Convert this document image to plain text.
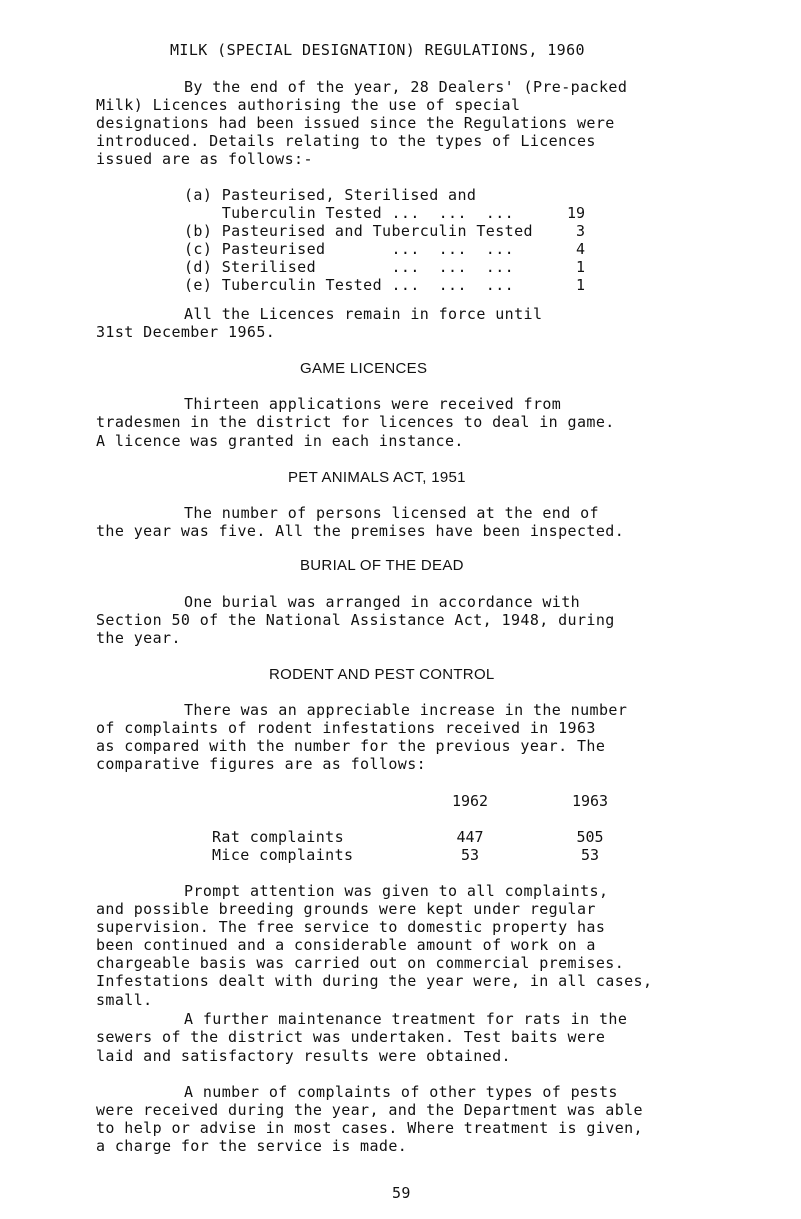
MILK (SPECIAL DESIGNATION) REGULATIONS, 1960
By the end of the year, 28 Dealers' (Pre-packed
Milk) Licences authorising the use of special
designations had been issued since the Regulations were
introduced. Details relating to the types of Licences
issued are as follows:-
(a) Pasteurised, Sterilised and
Tuberculin Tested ...  ...  ...	19
(b) Pasteurised and Tuberculin Tested	3
(c) Pasteurised       ...  ...  ...	4
(d) Sterilised        ...  ...  ...	1
(e) Tuberculin Tested ...  ...  ...	1
All the Licences remain in force until
31st December 1965.
GAME LICENCES
Thirteen applications were received from
tradesmen in the district for licences to deal in game.
A licence was granted in each instance.
PET ANIMALS ACT, 1951
The number of persons licensed at the end of
the year was five. All the premises have been inspected.
BURIAL OF THE DEAD
One burial was arranged in accordance with
Section 50 of the National Assistance Act, 1948, during
the year.
RODENT AND PEST CONTROL
There was an appreciable increase in the number
of complaints of rodent infestations received in 1963
as compared with the number for the previous year. The
comparative figures are as follows:
1962	1963
Rat complaints	447	505
Mice complaints	53	53
Prompt attention was given to all complaints,
and possible breeding grounds were kept under regular
supervision. The free service to domestic property has
been continued and a considerable amount of work on a
chargeable basis was carried out on commercial premises.
Infestations dealt with during the year were, in all cases,
small.
A further maintenance treatment for rats in the
sewers of the district was undertaken. Test baits were
laid and satisfactory results were obtained.
A number of complaints of other types of pests
were received during the year, and the Department was able
to help or advise in most cases. Where treatment is given,
a charge for the service is made.
59
